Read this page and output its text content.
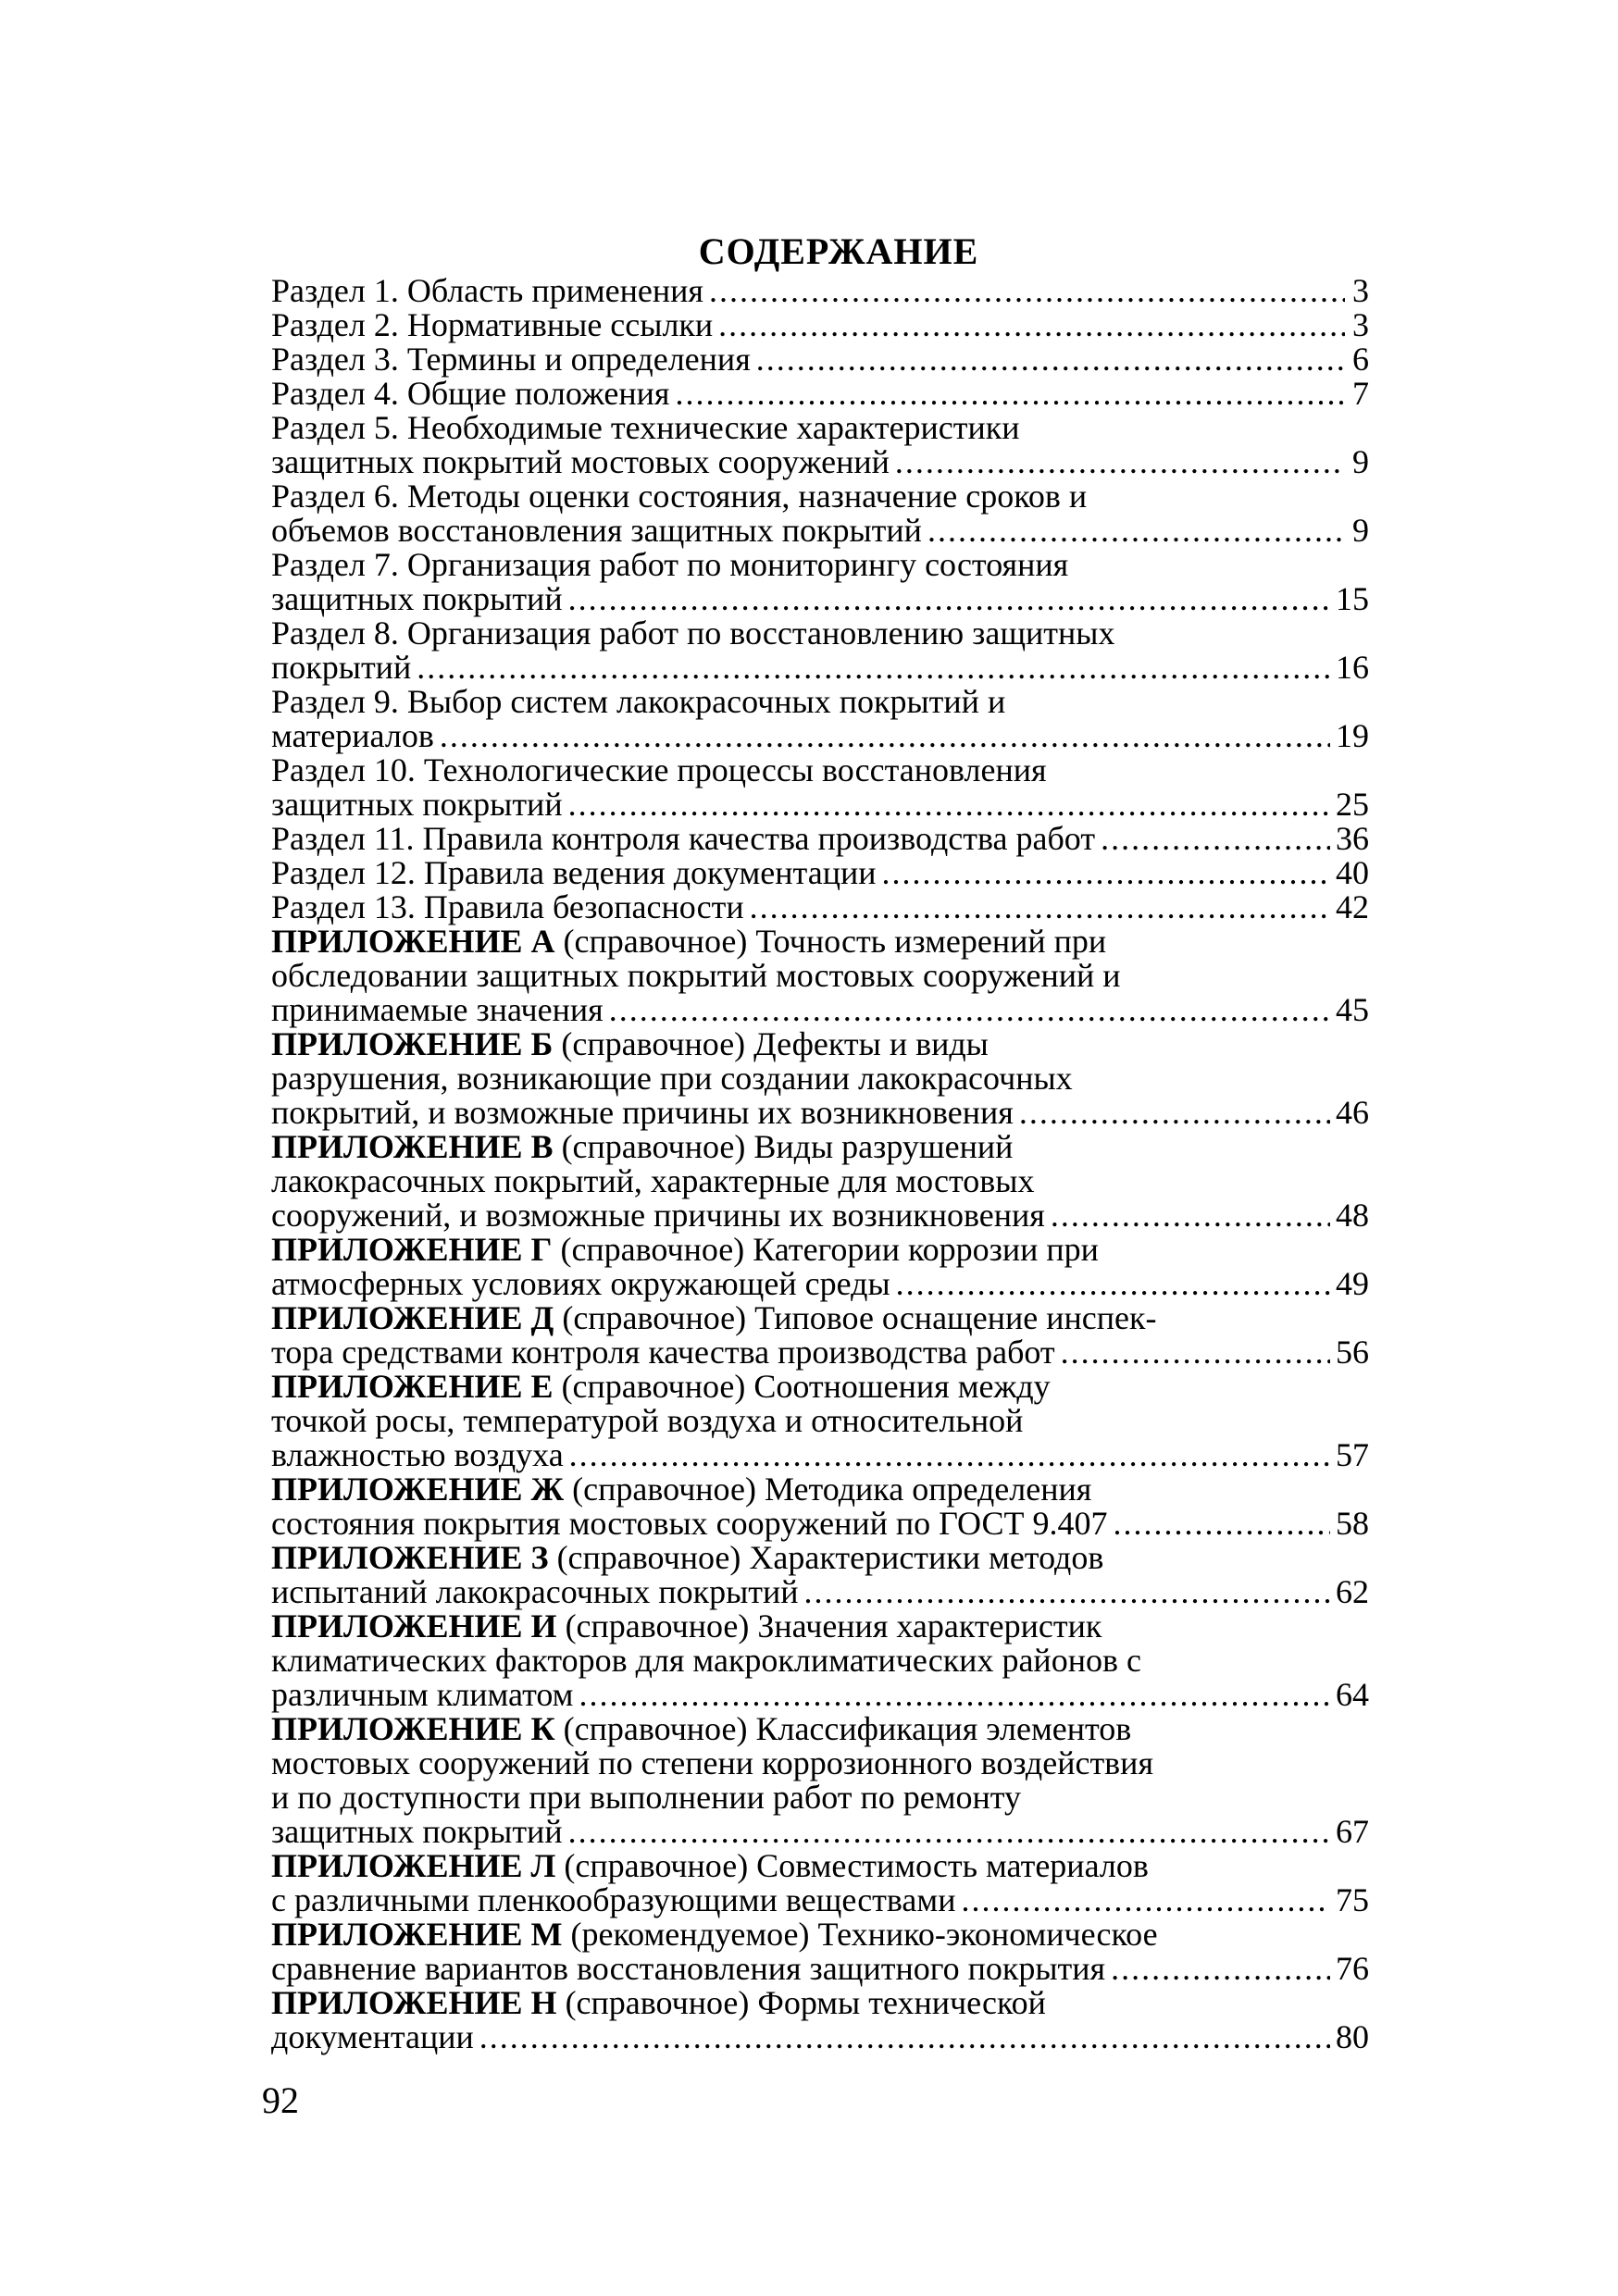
СОДЕРЖАНИЕ
Раздел 1. Область применения .....	3
Раздел 2. Нормативные ссылки .....	3
Раздел 3. Термины и определения .....	6
Раздел 4. Общие положения .....	7
Раздел 5. Необходимые технические характеристики
защитных покрытий мостовых сооружений .....	9
Раздел 6. Методы оценки состояния, назначение сроков и
объемов восстановления защитных покрытий .....	9
Раздел 7. Организация работ по мониторингу состояния
защитных покрытий .....	15
Раздел 8. Организация работ по восстановлению защитных
покрытий .....	16
Раздел 9. Выбор систем лакокрасочных покрытий и
материалов .....	19
Раздел 10. Технологические процессы восстановления
защитных покрытий .....	25
Раздел 11. Правила контроля качества производства работ .....	36
Раздел 12. Правила ведения документации .....	40
Раздел 13. Правила безопасности .....	42
ПРИЛОЖЕНИЕ А (справочное) Точность измерений при
обследовании защитных покрытий мостовых сооружений и
принимаемые значения .....	45
ПРИЛОЖЕНИЕ Б (справочное) Дефекты и виды
разрушения, возникающие при создании лакокрасочных
покрытий, и возможные причины их возникновения .....	46
ПРИЛОЖЕНИЕ В (справочное) Виды разрушений
лакокрасочных покрытий, характерные для мостовых
сооружений, и возможные причины их возникновения .....	48
ПРИЛОЖЕНИЕ Г (справочное) Категории коррозии при
атмосферных условиях окружающей среды .....	49
ПРИЛОЖЕНИЕ Д (справочное) Типовое оснащение инспек-
тора средствами контроля качества производства работ .....	56
ПРИЛОЖЕНИЕ Е (справочное) Соотношения между
точкой росы, температурой воздуха и относительной
влажностью воздуха .....	57
ПРИЛОЖЕНИЕ Ж (справочное) Методика определения
состояния покрытия мостовых сооружений по ГОСТ 9.407 .....	58
ПРИЛОЖЕНИЕ З (справочное) Характеристики методов
испытаний лакокрасочных покрытий .....	62
ПРИЛОЖЕНИЕ И (справочное) Значения характеристик
климатических факторов для макроклиматических районов с
различным климатом .....	64
ПРИЛОЖЕНИЕ К (справочное) Классификация элементов
мостовых сооружений по степени коррозионного воздействия
и по доступности при выполнении работ по ремонту
защитных покрытий .....	67
ПРИЛОЖЕНИЕ Л (справочное) Совместимость материалов
с различными пленкообразующими веществами .....	75
ПРИЛОЖЕНИЕ М (рекомендуемое) Технико-экономическое
сравнение вариантов восстановления защитного покрытия .....	76
ПРИЛОЖЕНИЕ Н (справочное) Формы технической
документации .....	80
92
